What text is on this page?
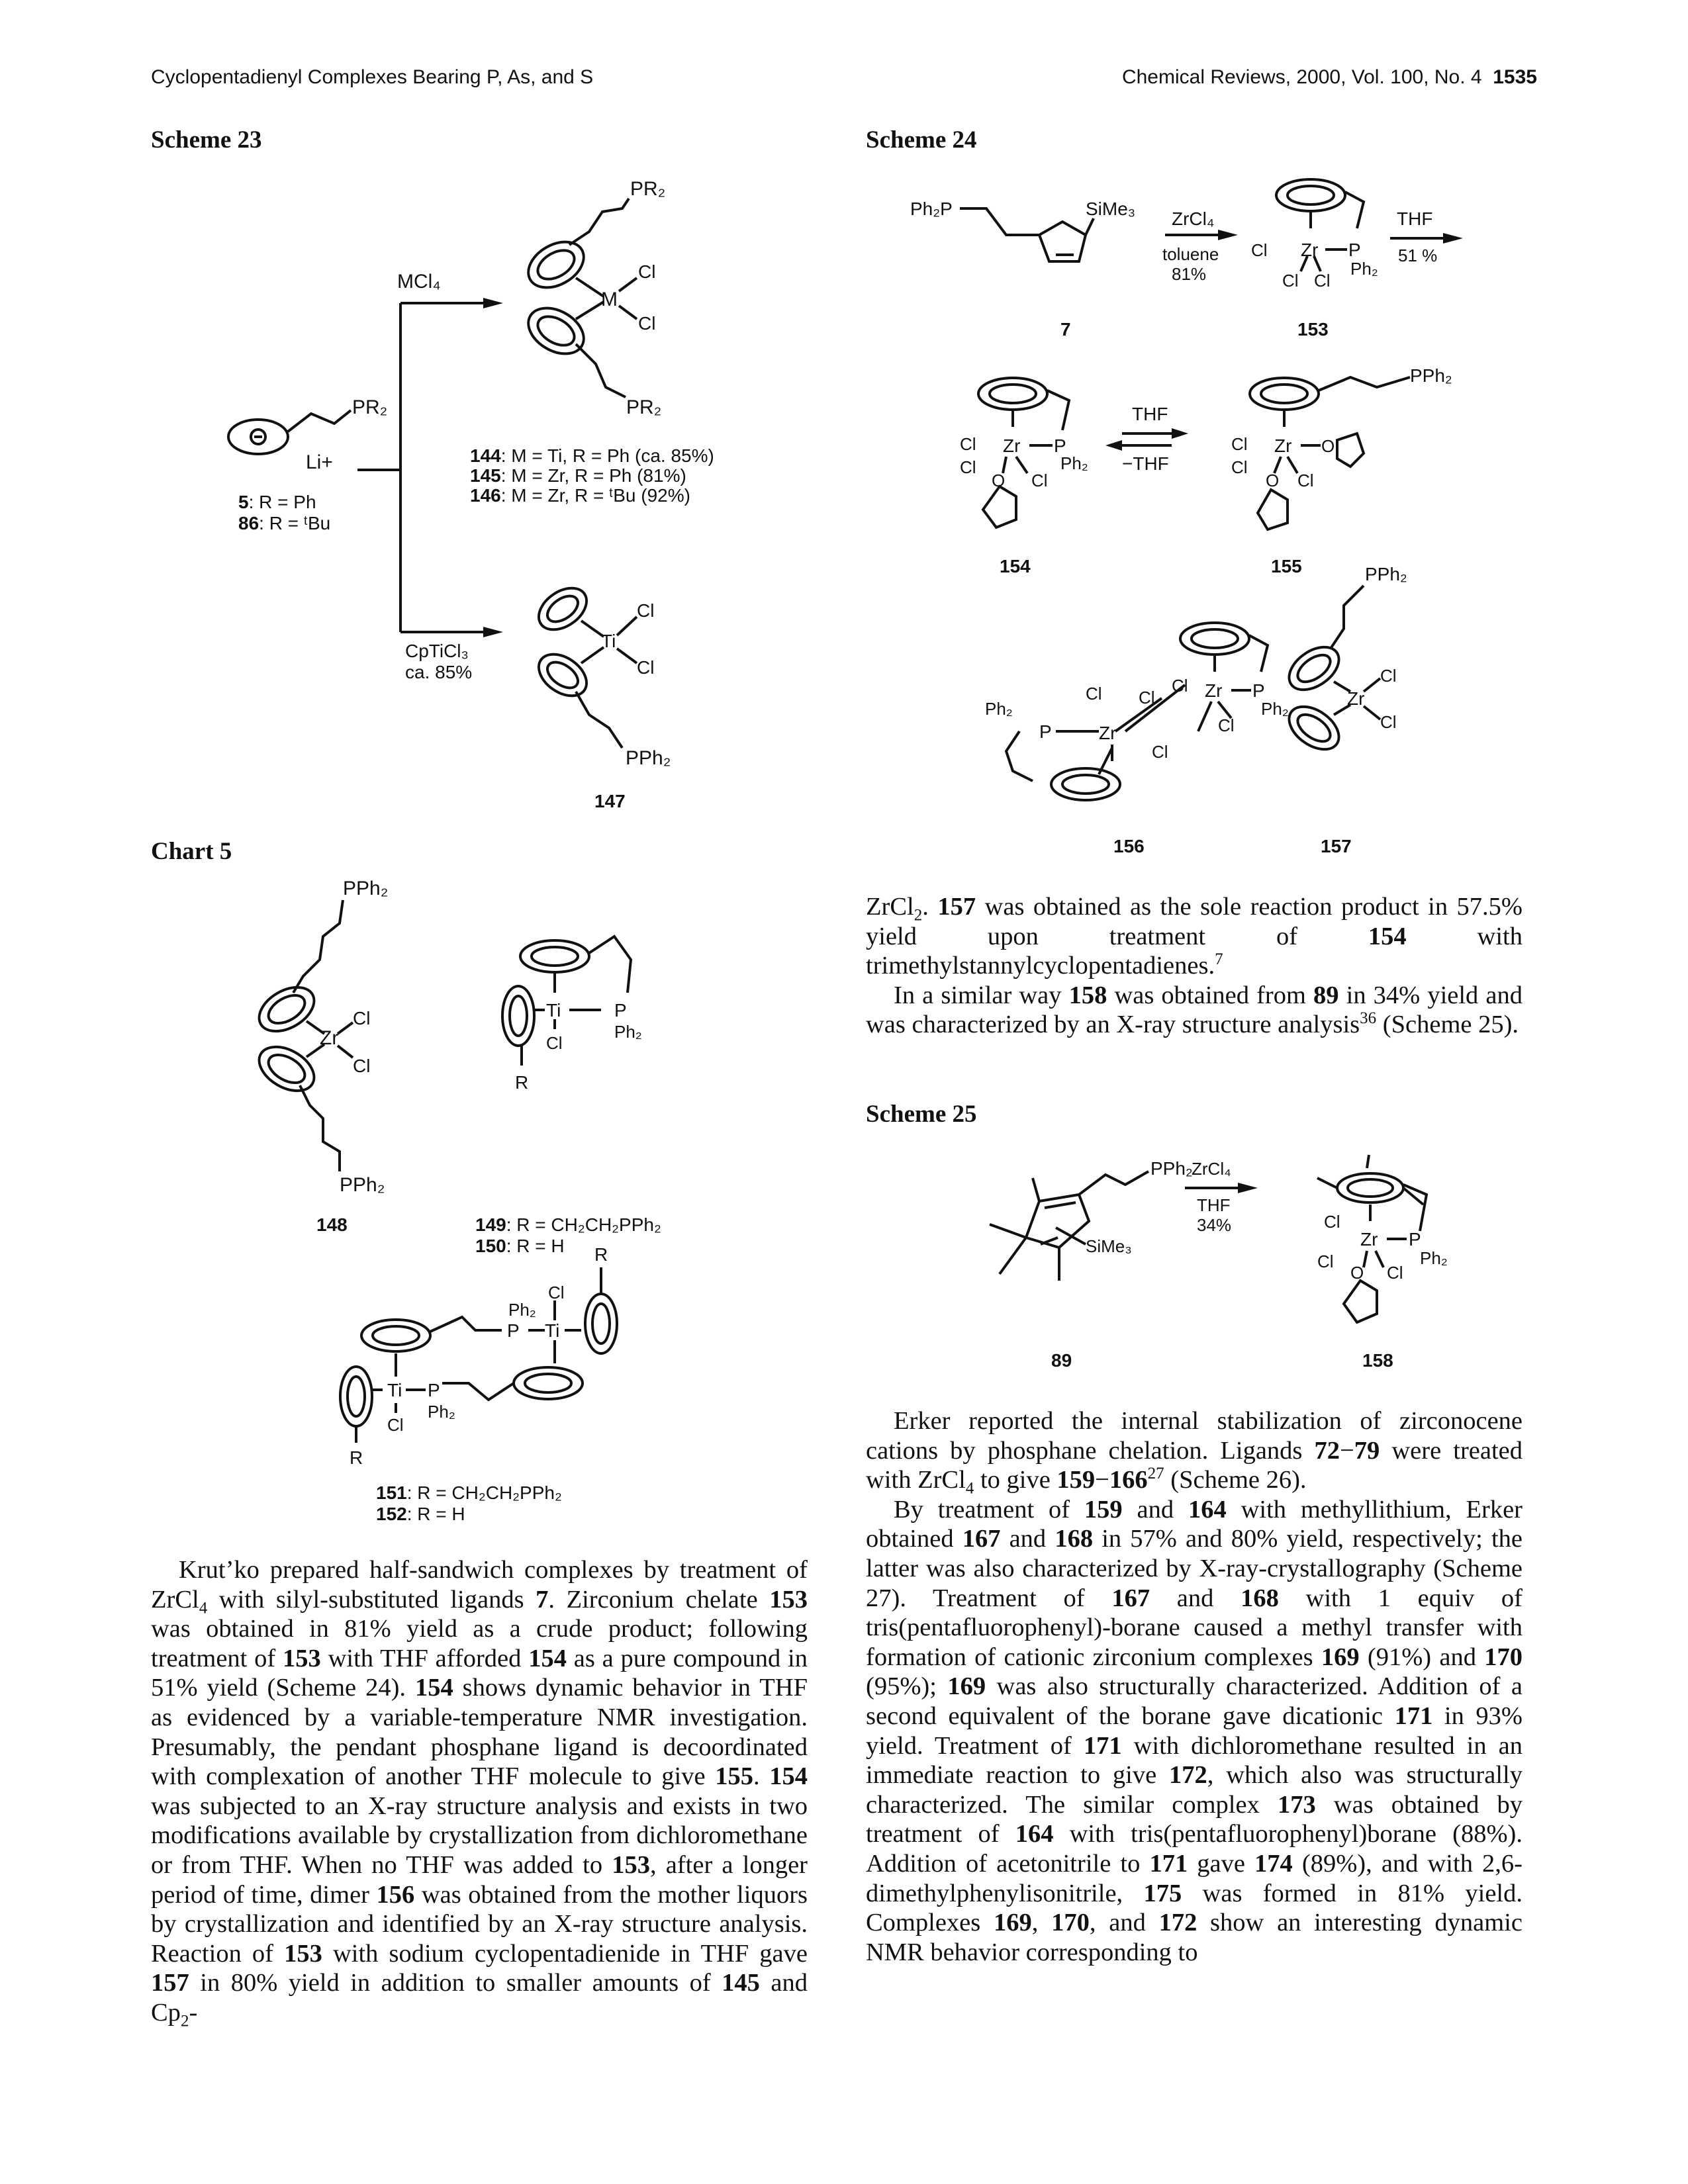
Cyclopentadienyl Complexes Bearing P, As, and S	Chemical Reviews, 2000, Vol. 100, No. 4 1535
Scheme 23
Chart 5
Scheme 24
Scheme 25
PR₂
Li+
5: R = Ph
86: R = ᵗBu
MCl₄
CpTiCl₃
ca. 85%
PR₂
M
Cl
Cl
PR₂
144: M = Ti, R = Ph (ca. 85%)
145: M = Zr, R = Ph (81%)
146: M = Zr, R = ᵗBu (92%)
Ti
Cl
Cl
PPh₂
147
PPh₂
Zr
Cl
Cl
PPh₂
148
Ti	P
Ph₂
Cl
R
149: R = CH₂CH₂PPh₂
150: R = H R
Ph₂
Cl
P Ti
Ti P
Cl
Ph₂
R
151: R = CH₂CH₂PPh₂
152: R = H
Ph₂P	SiMe₃ ZrCl₄
toluene
81%
Cl Zr P
Ph₂
Cl Cl
THF
51 %
7	153
Cl Zr P
Ph₂
Cl
O Cl
THF
−THF
PPh₂
Cl Zr O
Cl
O Cl
154	155
Cl Zr P
Ph₂
Cl
Cl
Cl
Cl
Ph₂
P	Zr
PPh₂
Zr
Cl
Cl
156	157
PPh₂
SiMe₃
ZrCl₄
THF
34%	Cl
Zr P
Ph₂
Cl
O Cl
89	158

Krut’ko prepared half-sandwich complexes by treatment of ZrCl$_4$ with silyl-substituted ligands 7. Zirconium chelate 153 was obtained in 81% yield as a crude product; following treatment of 153 with THF afforded 154 as a pure compound in 51% yield (Scheme 24). 154 shows dynamic behavior in THF as evidenced by a variable-temperature NMR investigation. Presumably, the pendant phosphane ligand is decoordinated with complexation of another THF molecule to give 155. 154 was subjected to an X-ray structure analysis and exists in two modifications available by crystallization from dichloromethane or from THF. When no THF was added to 153, after a longer period of time, dimer 156 was obtained from the mother liquors by crystallization and identified by an X-ray structure analysis. Reaction of 153 with sodium cyclopentadienide in THF gave 157 in 80% yield in addition to smaller amounts of 145 and $Cp_2-$

ZrCl$_2$. 157 was obtained as the sole reaction product in 57.5% yield upon treatment of 154 with trimethylstannylcyclopentadienes.$^7$

In a similar way 158 was obtained from 89 in 34% yield and was characterized by an X-ray structure analysis$^{36}$ (Scheme 25).

Erker reported the internal stabilization of zirconocene cations by phosphane chelation. Ligands 72−79 were treated with ZrCl$_4$ to give $159-166^{27}$ (Scheme 26).

By treatment of 159 and 164 with methyllithium, Erker obtained 167 and 168 in 57% and 80% yield, respectively; the latter was also characterized by X-ray-crystallography (Scheme 27). Treatment of 167 and 168 with 1 equiv of tris(pentafluorophenyl)-borane caused a methyl transfer with formation of cationic zirconium complexes 169 (91%) and 170 (95%); 169 was also structurally characterized. Addition of a second equivalent of the borane gave dicationic 171 in 93% yield. Treatment of 171 with dichloromethane resulted in an immediate reaction to give 172, which also was structurally characterized. The similar complex 173 was obtained by treatment of 164 with tris(pentafluorophenyl)borane (88%). Addition of acetonitrile to 171 gave 174 (89%), and with 2,6-dimethylphenylisonitrile, 175 was formed in 81% yield. Complexes 169, 170, and 172 show an interesting dynamic NMR behavior corresponding to
